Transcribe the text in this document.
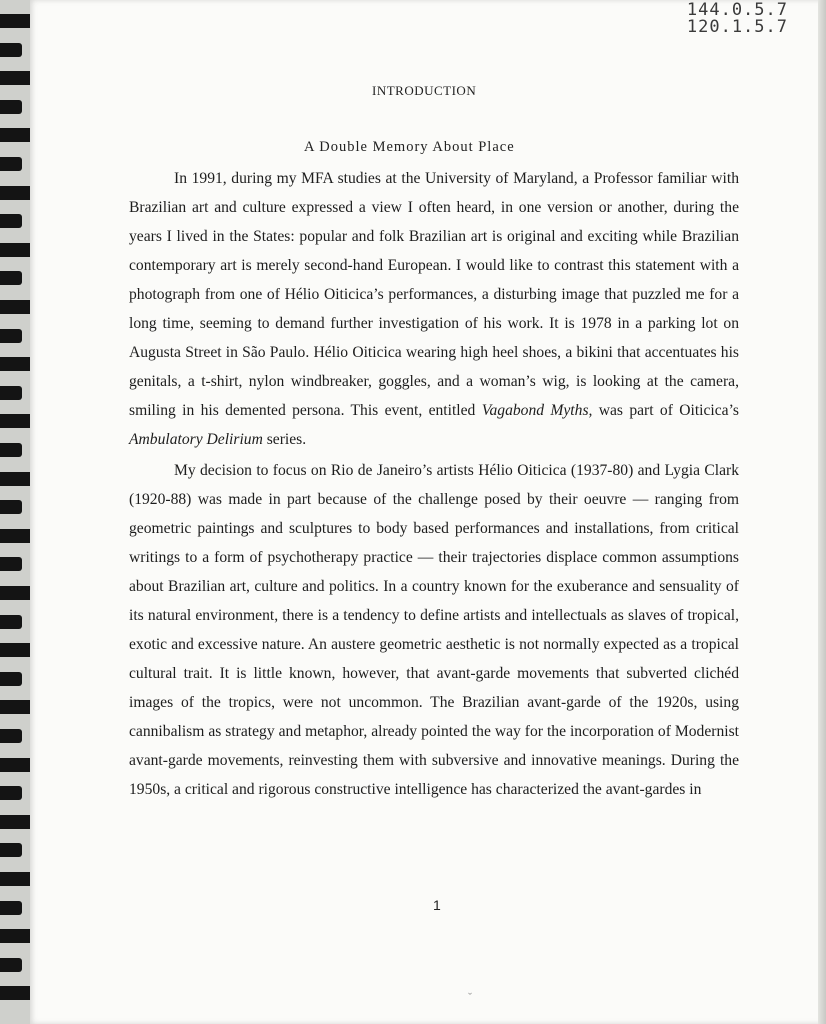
144.0.5.7
120.1.5.7
INTRODUCTION
A Double Memory About Place

In 1991, during my MFA studies at the University of Maryland, a Professor familiar with Brazilian art and culture expressed a view I often heard, in one version or another, during the years I lived in the States: popular and folk Brazilian art is original and exciting while Brazilian contemporary art is merely second-hand European. I would like to contrast this statement with a photograph from one of Hélio Oiticica’s performances, a disturbing image that puzzled me for a long time, seeming to demand further investigation of his work. It is 1978 in a parking lot on Augusta Street in São Paulo. Hélio Oiticica wearing high heel shoes, a bikini that accentuates his genitals, a t-shirt, nylon windbreaker, goggles, and a woman’s wig, is looking at the camera, smiling in his demented persona. This event, entitled Vagabond Myths, was part of Oiticica’s Ambulatory Delirium series.

My decision to focus on Rio de Janeiro’s artists Hélio Oiticica (1937-80) and Lygia Clark (1920-88) was made in part because of the challenge posed by their oeuvre — ranging from geometric paintings and sculptures to body based performances and installations, from critical writings to a form of psychotherapy practice — their trajectories displace common assumptions about Brazilian art, culture and politics. In a country known for the exuberance and sensuality of its natural environment, there is a tendency to define artists and intellectuals as slaves of tropical, exotic and excessive nature. An austere geometric aesthetic is not normally expected as a tropical cultural trait. It is little known, however, that avant-garde movements that subverted clichéd images of the tropics, were not uncommon. The Brazilian avant-garde of the 1920s, using cannibalism as strategy and metaphor, already pointed the way for the incorporation of Modernist avant-garde movements, reinvesting them with subversive and innovative meanings. During the 1950s, a critical and rigorous constructive intelligence has characterized the avant-gardes in

1
ˇ
